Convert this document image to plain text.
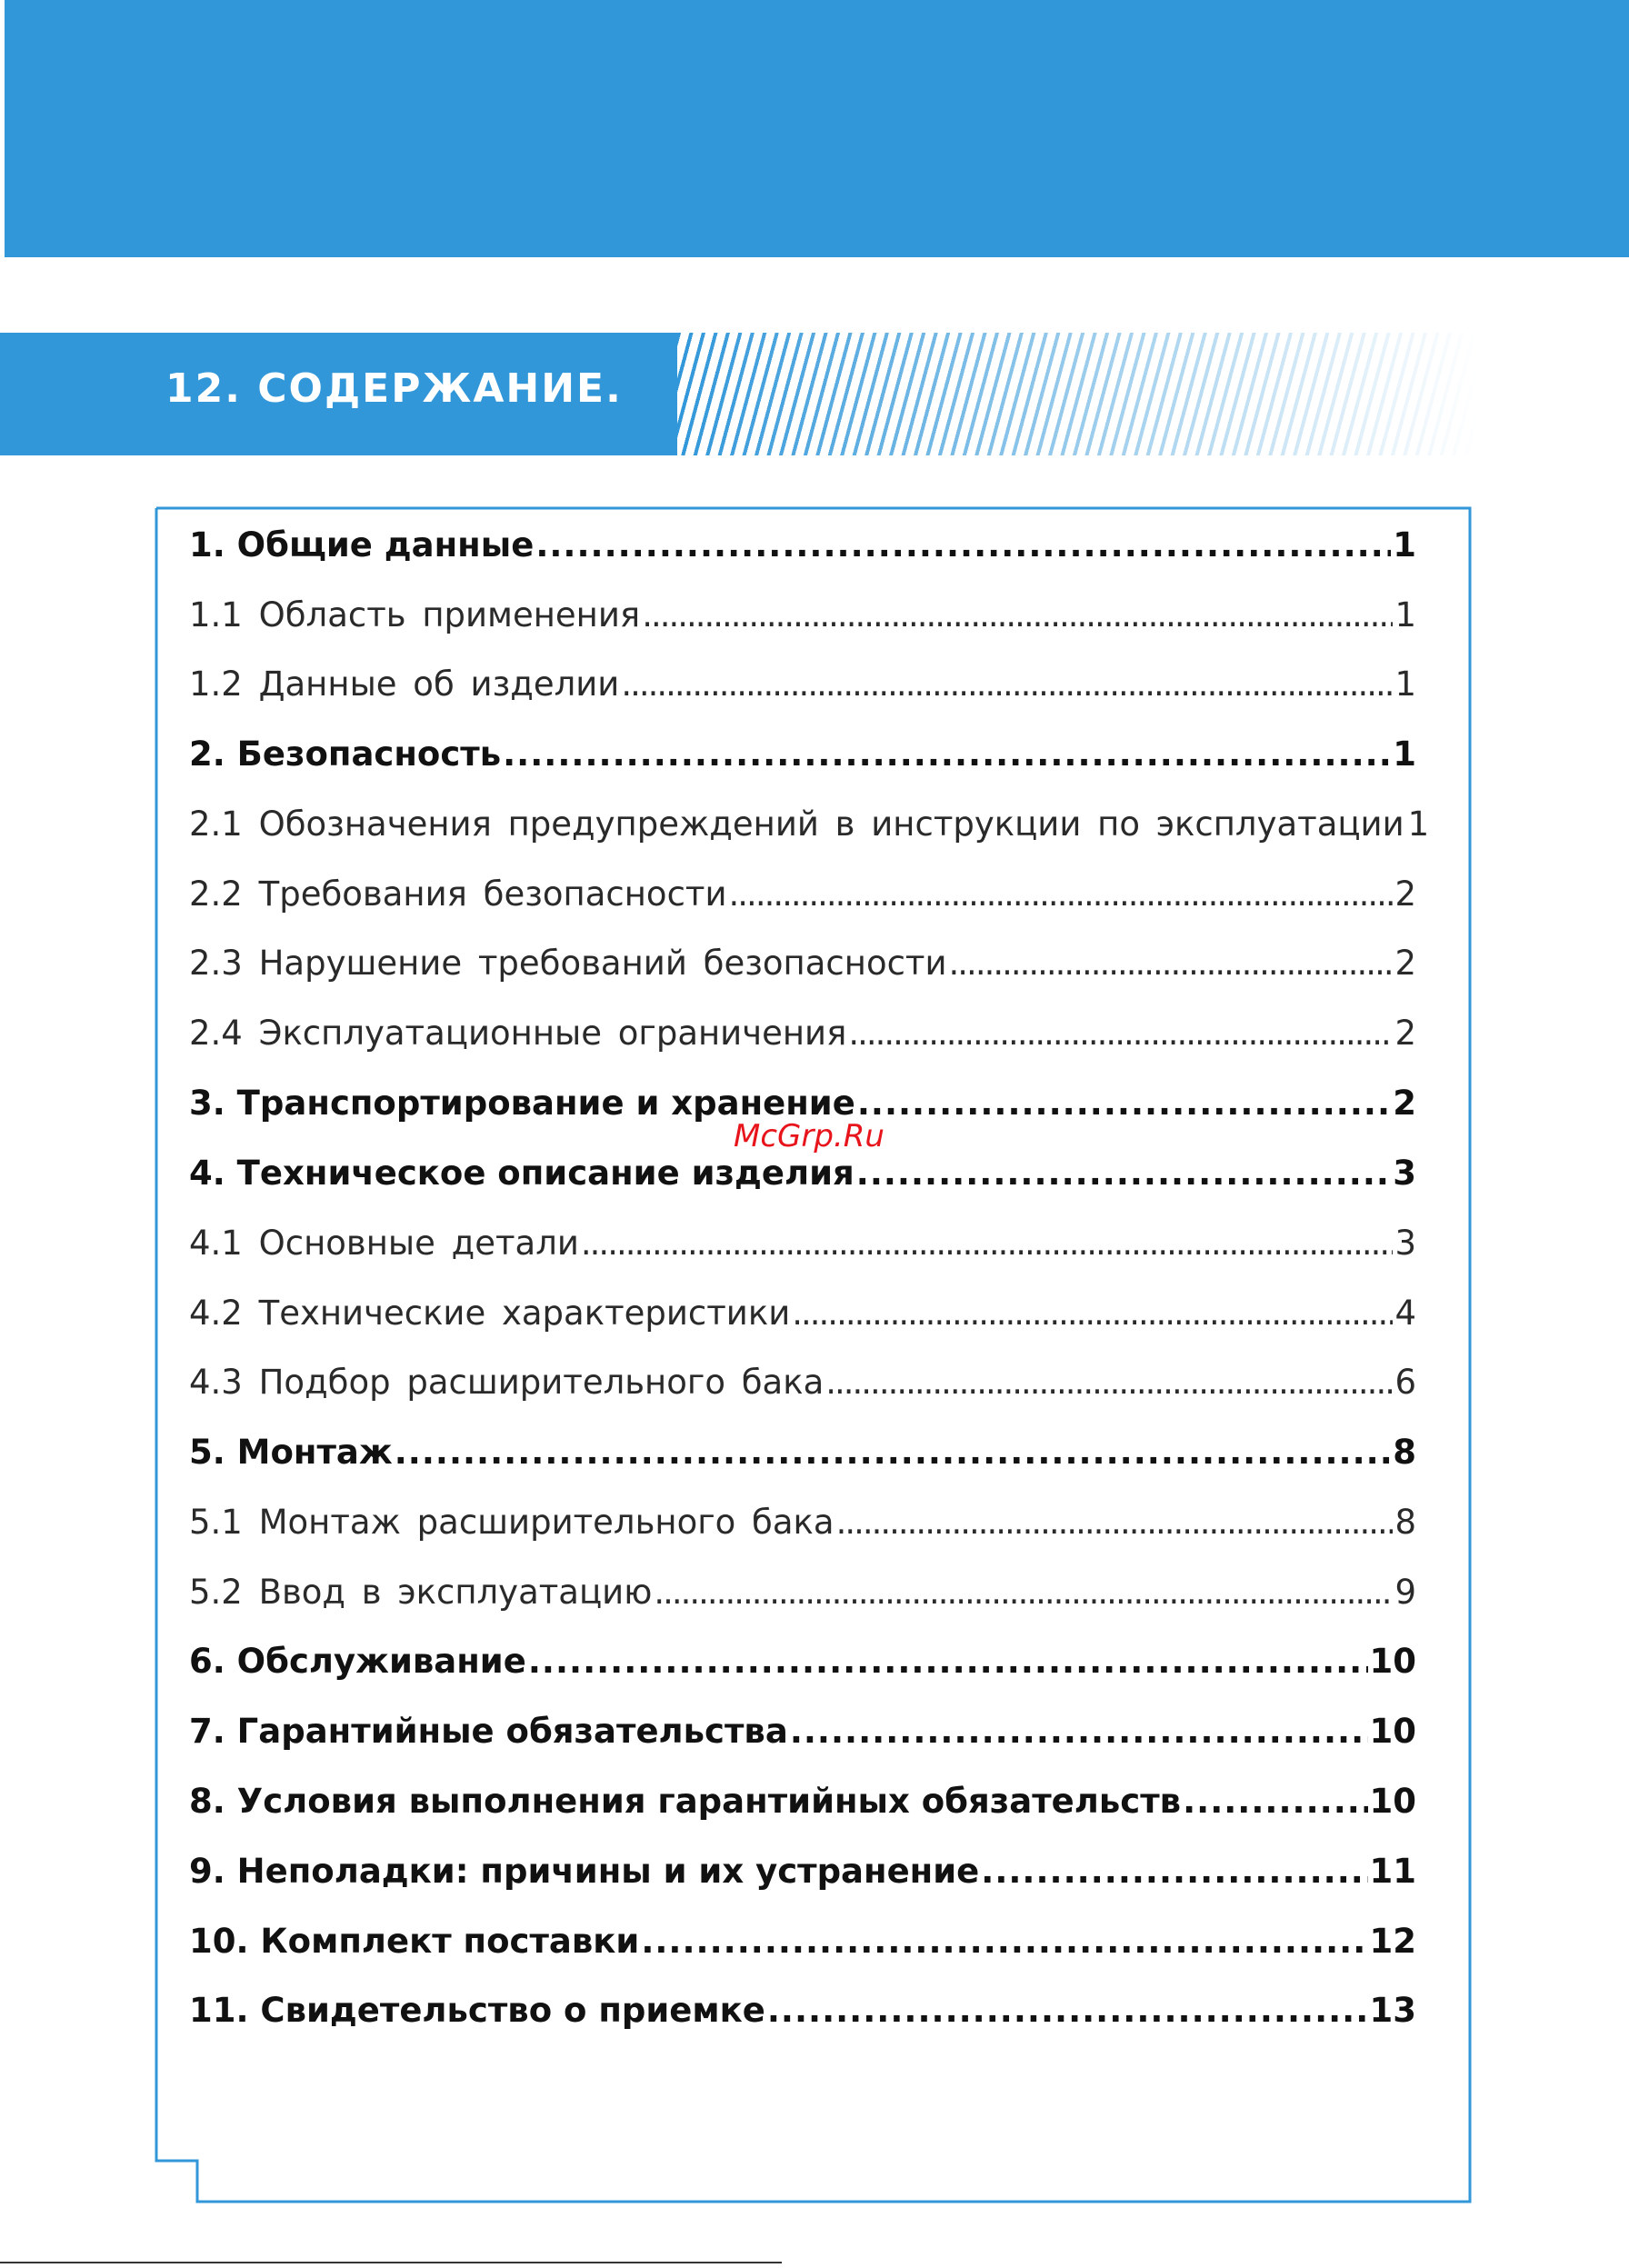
12. СОДЕРЖАНИЕ.
1. Общие данные .....	1
1.1 Область применения .....	1
1.2 Данные об изделии .....	1
2. Безопасность .....	1
2.1 Обозначения предупреждений в инструкции по эксплуатации 1
2.2 Требования безопасности .....	2
2.3 Нарушение требований безопасности .....	2
2.4 Эксплуатационные ограничения .....	2
3. Транспортирование и хранение .....	2
4. Техническое описание изделия .....	3
4.1 Основные детали .....	3
4.2 Технические характеристики .....	4
4.3 Подбор расширительного бака .....	6
5. Монтаж .....	8
5.1 Монтаж расширительного бака .....	8
5.2 Ввод в эксплуатацию .....	9
6. Обслуживание .....	10
7. Гарантийные обязательства .....	10
8. Условия выполнения гарантийных обязательств .....	10
9. Неполадки: причины и их устранение .....	11
10. Комплект поставки .....	12
11. Свидетельство о приемке .....	13
McGrp.Ru
